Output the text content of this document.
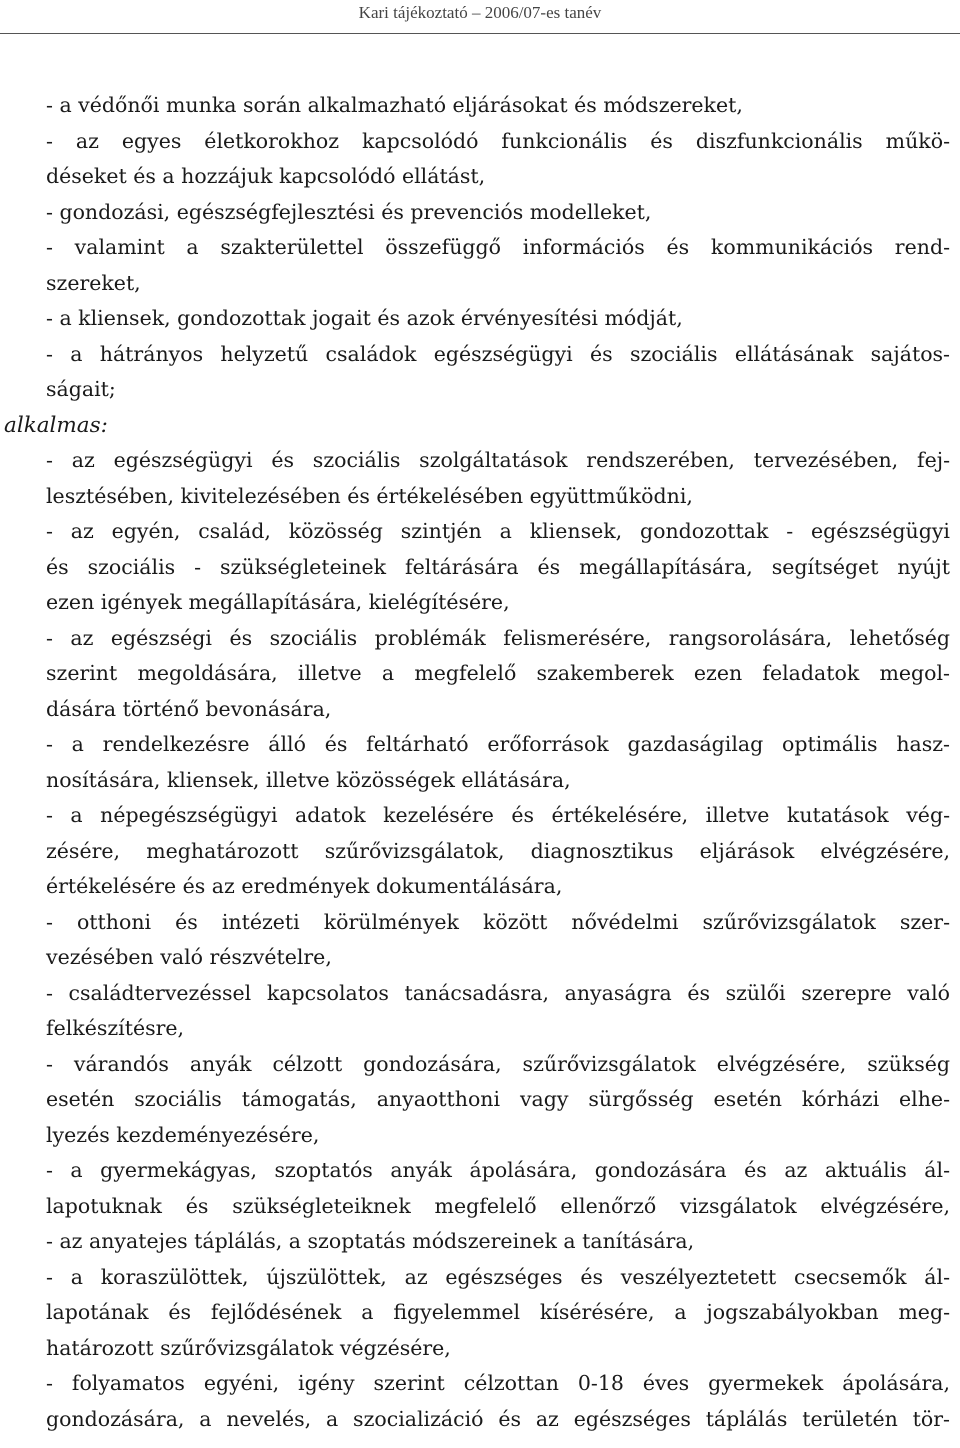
Kari tájékoztató – 2006/07-es tanév
- a védőnői munka során alkalmazható eljárásokat és módszereket,
- az egyes életkorokhoz kapcsolódó funkcionális és diszfunkcionális műkö-
déseket és a hozzájuk kapcsolódó ellátást,
- gondozási, egészségfejlesztési és prevenciós modelleket,
- valamint a szakterülettel összefüggő információs és kommunikációs rend-
szereket,
- a kliensek, gondozottak jogait és azok érvényesítési módját,
- a hátrányos helyzetű családok egészségügyi és szociális ellátásának sajátos-
ságait;
alkalmas:
- az egészségügyi és szociális szolgáltatások rendszerében, tervezésében, fej-
lesztésében, kivitelezésében és értékelésében együttműködni,
- az egyén, család, közösség szintjén a kliensek, gondozottak - egészségügyi
és szociális - szükségleteinek feltárására és megállapítására, segítséget nyújt
ezen igények megállapítására, kielégítésére,
- az egészségi és szociális problémák felismerésére, rangsorolására, lehetőség
szerint megoldására, illetve a megfelelő szakemberek ezen feladatok megol-
dására történő bevonására,
- a rendelkezésre álló és feltárható erőforrások gazdaságilag optimális hasz-
nosítására, kliensek, illetve közösségek ellátására,
- a népegészségügyi adatok kezelésére és értékelésére, illetve kutatások vég-
zésére, meghatározott szűrővizsgálatok, diagnosztikus eljárások elvégzésére,
értékelésére és az eredmények dokumentálására,
- otthoni és intézeti körülmények között nővédelmi szűrővizsgálatok szer-
vezésében való részvételre,
- családtervezéssel kapcsolatos tanácsadásra, anyaságra és szülői szerepre való
felkészítésre,
- várandós anyák célzott gondozására, szűrővizsgálatok elvégzésére, szükség
esetén szociális támogatás, anyaotthoni vagy sürgősség esetén kórházi elhe-
lyezés kezdeményezésére,
- a gyermekágyas, szoptatós anyák ápolására, gondozására és az aktuális ál-
lapotuknak és szükségleteiknek megfelelő ellenőrző vizsgálatok elvégzésére,
- az anyatejes táplálás, a szoptatás módszereinek a tanítására,
- a koraszülöttek, újszülöttek, az egészséges és veszélyeztetett csecsemők ál-
lapotának és fejlődésének a figyelemmel kísérésére, a jogszabályokban meg-
határozott szűrővizsgálatok végzésére,
- folyamatos egyéni, igény szerint célzottan 0-18 éves gyermekek ápolására,
gondozására, a nevelés, a szocializáció és az egészséges táplálás területén tör-
